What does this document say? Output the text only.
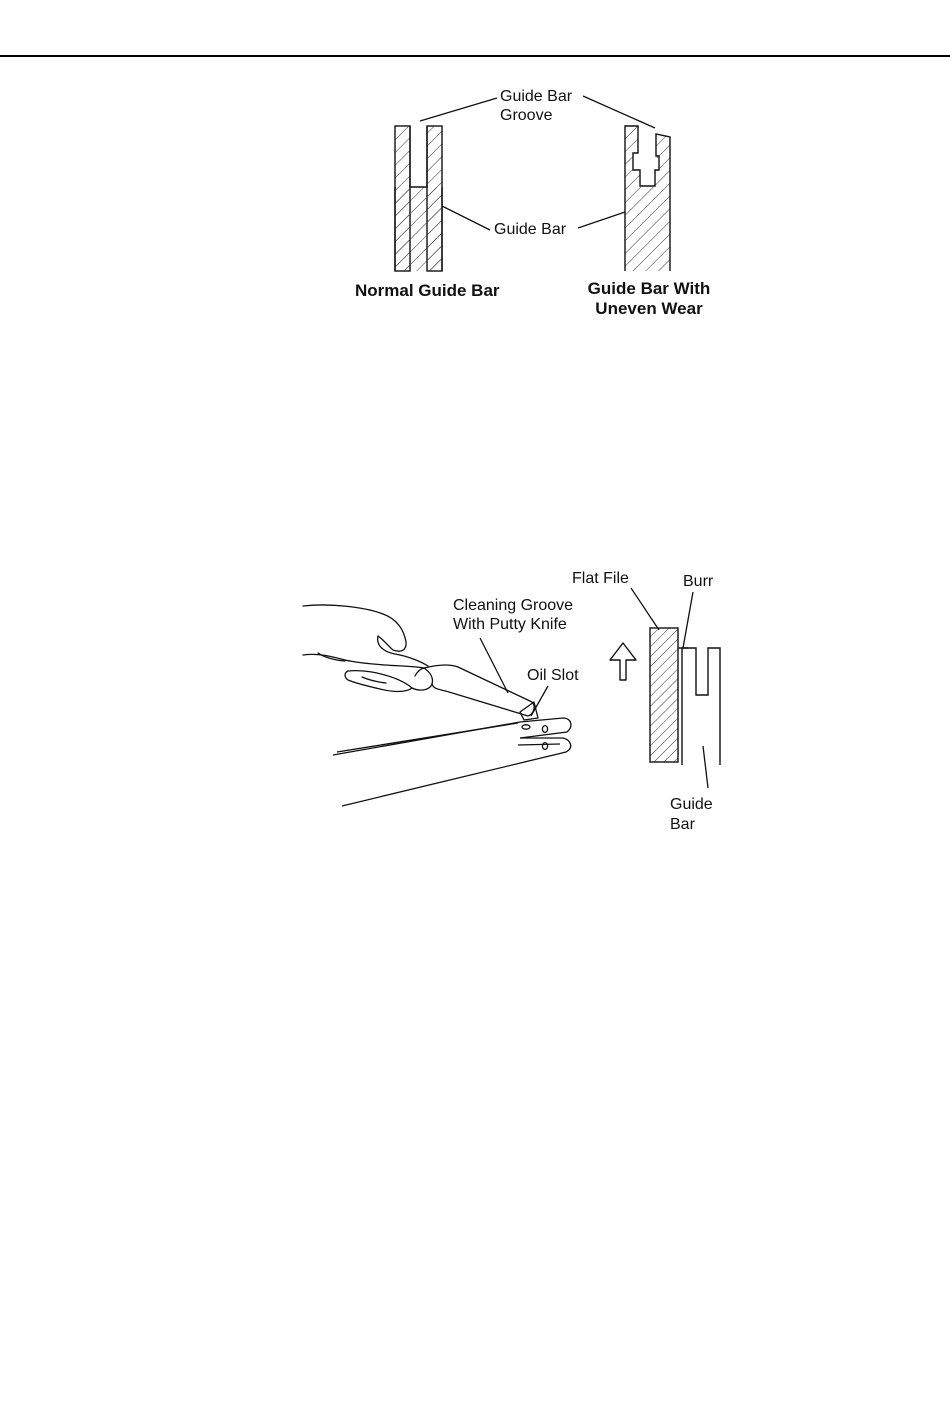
Guide Bar
Groove
Guide Bar
Normal Guide Bar	Guide Bar With
Uneven Wear
Cleaning Groove
With Putty Knife
Oil Slot
Flat File	Burr
Guide
Bar
